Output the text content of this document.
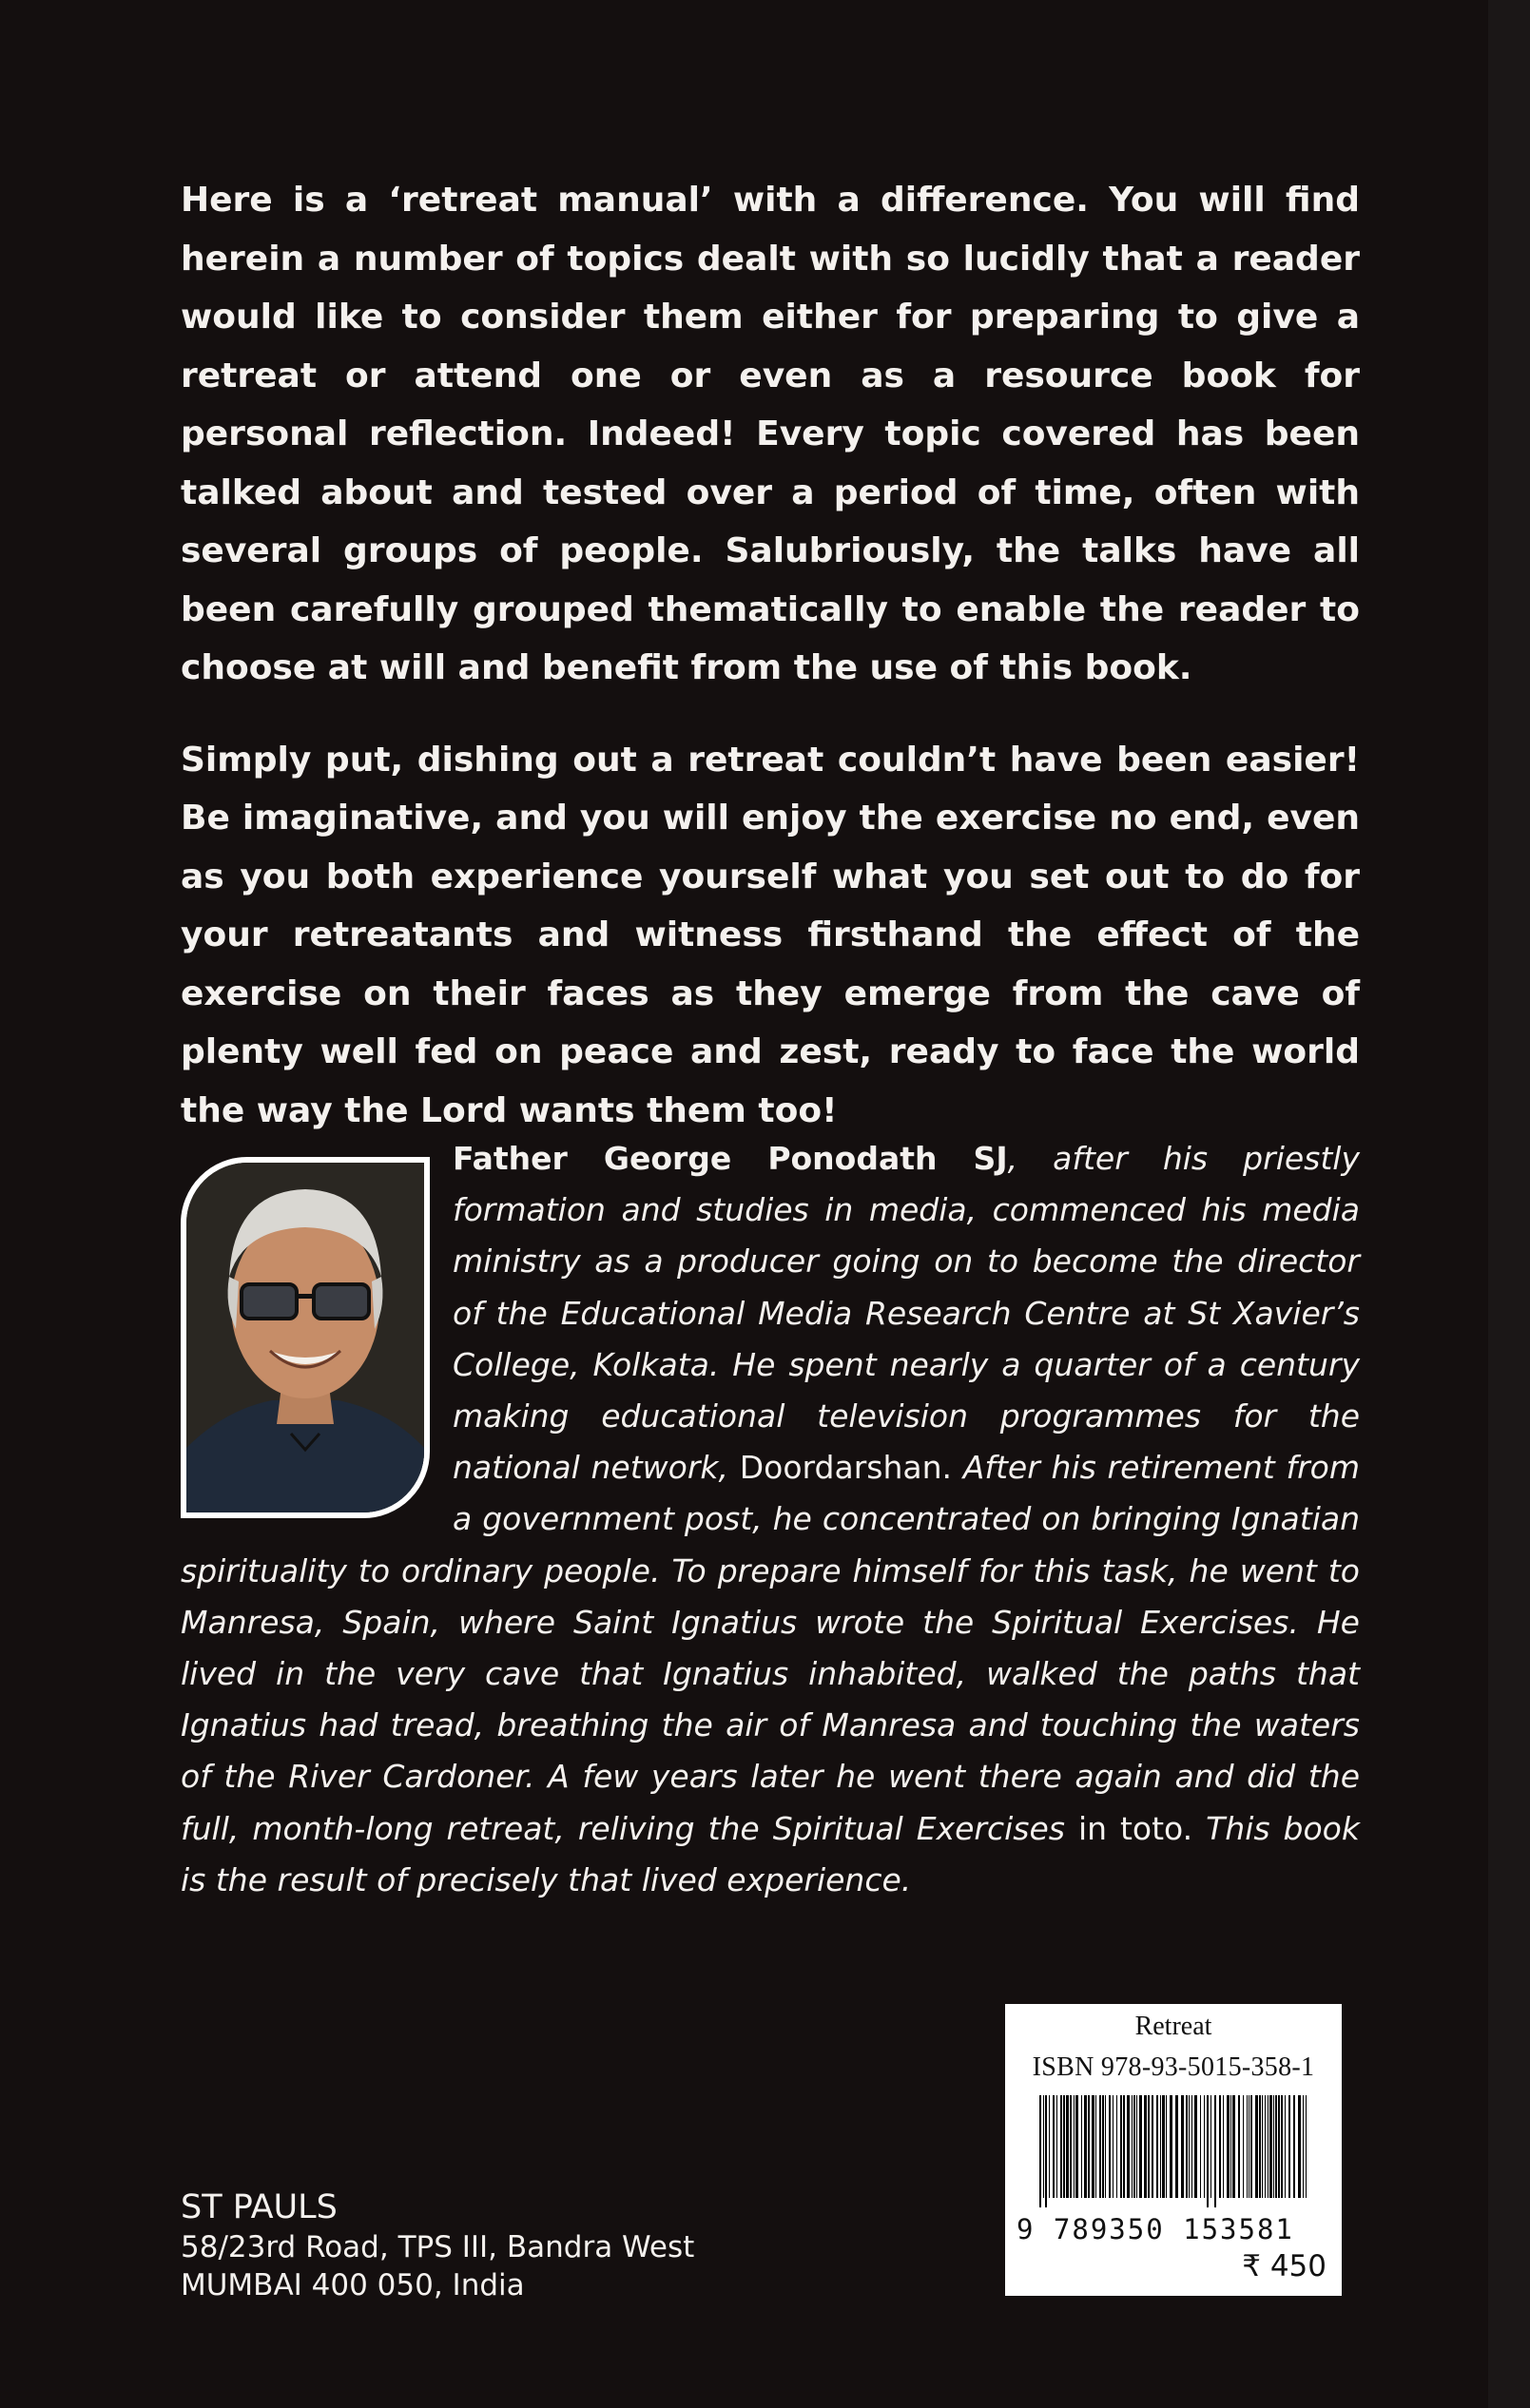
Here is a ‘retreat manual’ with a difference. You will find herein a number of topics dealt with so lucidly that a reader would like to consider them either for preparing to give a retreat or attend one or even as a resource book for personal reflection. Indeed! Every topic covered has been talked about and tested over a period of time, often with several groups of people. Salubriously, the talks have all been carefully grouped thematically to enable the reader to choose at will and benefit from the use of this book.

Simply put, dishing out a retreat couldn’t have been easier! Be imaginative, and you will enjoy the exercise no end, even as you both experience yourself what you set out to do for your retreatants and witness firsthand the effect of the exercise on their faces as they emerge from the cave of plenty well fed on peace and zest, ready to face the world the way the Lord wants them too!

Father George Ponodath SJ, after his priestly formation and studies in media, commenced his media ministry as a producer going on to become the director of the Educational Media Research Centre at St Xavier’s College, Kolkata. He spent nearly a quarter of a century making educational television programmes for the national network, Doordarshan. After his retirement from a government post, he concentrated on bringing Ignatian spirituality to ordinary people. To prepare himself for this task, he went to Manresa, Spain, where Saint Ignatius wrote the Spiritual Exercises. He lived in the very cave that Ignatius inhabited, walked the paths that Ignatius had tread, breathing the air of Manresa and touching the waters of the River Cardoner. A few years later he went there again and did the full, month-long retreat, reliving the Spiritual Exercises in toto. This book is the result of precisely that lived experience.
ST PAULS
58/23rd Road, TPS III, Bandra West
MUMBAI 400 050, India
Retreat
ISBN 978-93-5015-358-1
9 789350 153581
₹ 450
